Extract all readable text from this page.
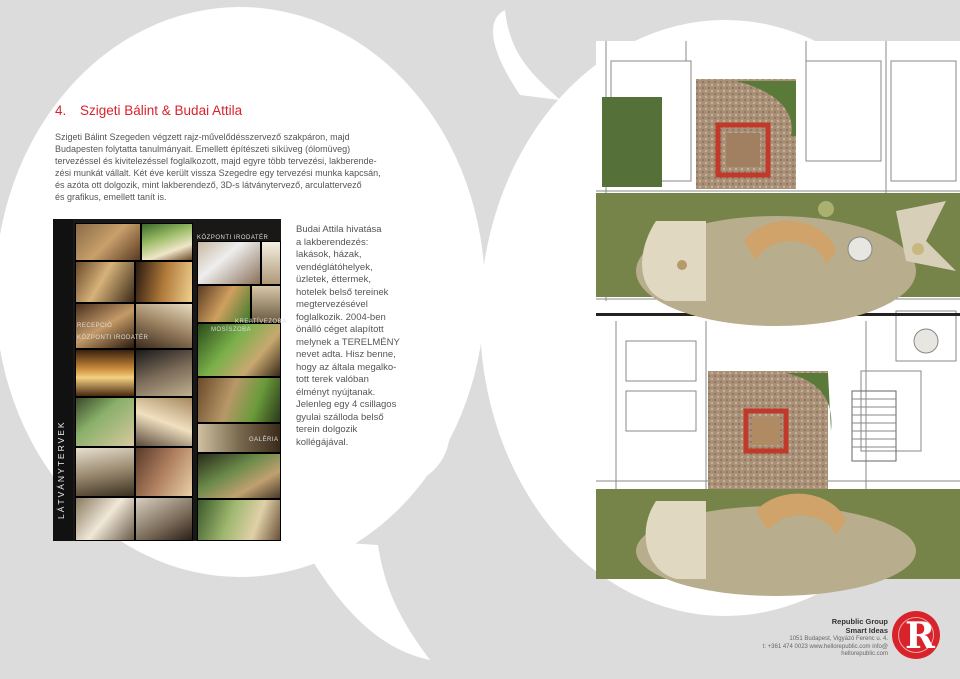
4. Szigeti Bálint & Budai Attila

Szigeti Bálint Szegeden végzett rajz-művelődésszervező szakpáron, majd

Budapesten folytatta tanulmányait. Emellett építészeti síküveg (ólomüveg)

tervezéssel és kivitelezéssel foglalkozott, majd egyre több tervezési, lakberende-

zési munkát vállalt. Két éve került vissza Szegedre egy tervezési munka kapcsán,

és azóta ott dolgozik, mint lakberendező, 3D-s látványtervező, arculattervező

és grafikus, emellett tanít is.

LÁTVÁNYTERVEK
KÖZPONTI IRODATÉR
RECEPCIÓ
KÖZPONTI IRODATÉR
KREATÍVEZOBA
MOSÍSZOBA
GALÉRIA
Budai Attila hivatása
a lakberendezés:
lakások, házak,
vendéglátóhelyek,
üzletek, éttermek,
hotelek belső tereinek
megtervezésével
foglalkozik. 2004-ben
önálló céget alapított
melynek a TERELMÉNY
nevet adta. Hisz benne,
hogy az általa megalko-
tott terek valóban
élményt nyújtanak.
Jelenleg egy 4 csillagos
gyulai szálloda belső
terein dolgozik
kollégájával.
Republic Group
Smart Ideas
1051 Budapest, Vigyázó Ferenc u. 4.
t: +361 474 0023 www.hellorepublic.com info@
hellorepublic.com R
